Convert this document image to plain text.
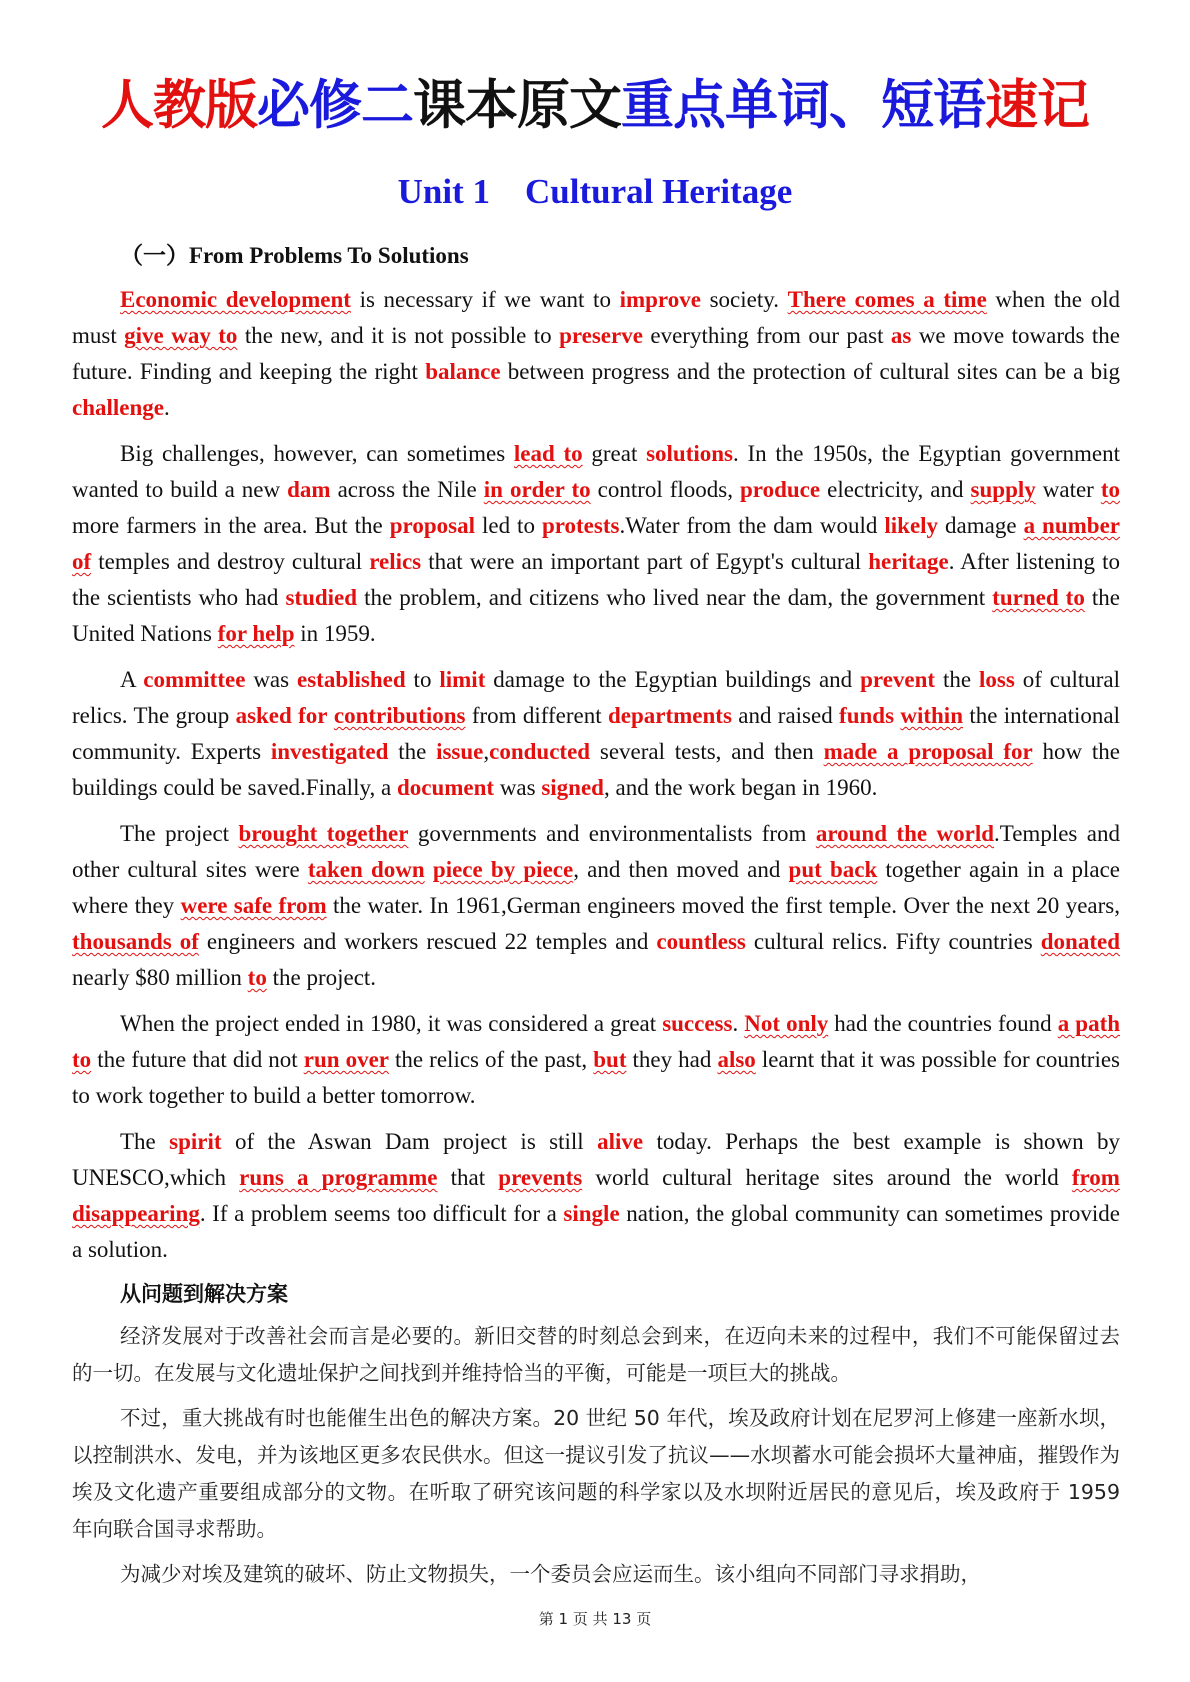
人教版必修二课本原文重点单词、短语速记
Unit 1    Cultural Heritage
（一）From Problems To Solutions

Economic development is necessary if we want to improve society. There comes a time when the old must give way to the new, and it is not possible to preserve everything from our past as we move towards the future. Finding and keeping the right balance between progress and the protection of cultural sites can be a big challenge.

Big challenges, however, can sometimes lead to great solutions. In the 1950s, the Egyptian government wanted to build a new dam across the Nile in order to control floods, produce electricity, and supply water to more farmers in the area. But the proposal led to protests.Water from the dam would likely damage a number of temples and destroy cultural relics that were an important part of Egypt's cultural heritage. After listening to the scientists who had studied the problem, and citizens who lived near the dam, the government turned to the United Nations for help in 1959.

A committee was established to limit damage to the Egyptian buildings and prevent the loss of cultural relics. The group asked for contributions from different departments and raised funds within the international community. Experts investigated the issue,conducted several tests, and then made a proposal for how the buildings could be saved.Finally, a document was signed, and the work began in 1960.

The project brought together governments and environmentalists from around the world.Temples and other cultural sites were taken down piece by piece, and then moved and put back together again in a place where they were safe from the water. In 1961,German engineers moved the first temple. Over the next 20 years, thousands of engineers and workers rescued 22 temples and countless cultural relics. Fifty countries donated nearly $80 million to the project.

When the project ended in 1980, it was considered a great success. Not only had the countries found a path to the future that did not run over the relics of the past, but they had also learnt that it was possible for countries to work together to build a better tomorrow.

The spirit of the Aswan Dam project is still alive today. Perhaps the best example is shown by UNESCO,which runs a programme that prevents world cultural heritage sites around the world from disappearing. If a problem seems too difficult for a single nation, the global community can sometimes provide a solution.

从问题到解决方案

经济发展对于改善社会而言是必要的。新旧交替的时刻总会到来，在迈向未来的过程中，我们不可能保留过去的一切。在发展与文化遗址保护之间找到并维持恰当的平衡，可能是一项巨大的挑战。

不过，重大挑战有时也能催生出色的解决方案。20 世纪 50 年代，埃及政府计划在尼罗河上修建一座新水坝，以控制洪水、发电，并为该地区更多农民供水。但这一提议引发了抗议——水坝蓄水可能会损坏大量神庙，摧毁作为埃及文化遗产重要组成部分的文物。在听取了研究该问题的科学家以及水坝附近居民的意见后，埃及政府于 1959 年向联合国寻求帮助。

为减少对埃及建筑的破坏、防止文物损失，一个委员会应运而生。该小组向不同部门寻求捐助，

第 1 页 共 13 页
